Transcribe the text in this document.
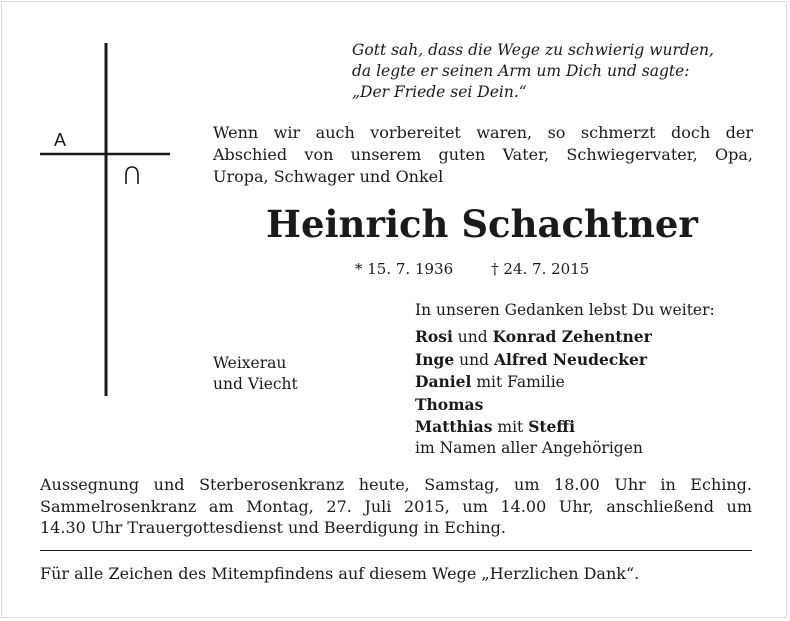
A
Gott sah, dass die Wege zu schwierig wurden,
da legte er seinen Arm um Dich und sagte:
„Der Friede sei Dein.“
Wenn wir auch vorbereitet waren, so schmerzt doch der
Abschied von unserem guten Vater, Schwiegervater, Opa,
Uropa, Schwager und Onkel
Heinrich Schachtner
* 15. 7. 1936	† 24. 7. 2015
Weixerau
und Viecht
In unseren Gedanken lebst Du weiter:
Rosi und Konrad Zehentner
Inge und Alfred Neudecker
Daniel mit Familie
Thomas
Matthias mit Steffi
im Namen aller Angehörigen
Aussegnung und Sterberosenkranz heute, Samstag, um 18.00 Uhr in Eching.
Sammelrosenkranz am Montag, 27. Juli 2015, um 14.00 Uhr, anschließend um
14.30 Uhr Trauergottesdienst und Beerdigung in Eching.
Für alle Zeichen des Mitempfindens auf diesem Wege „Herzlichen Dank“.
